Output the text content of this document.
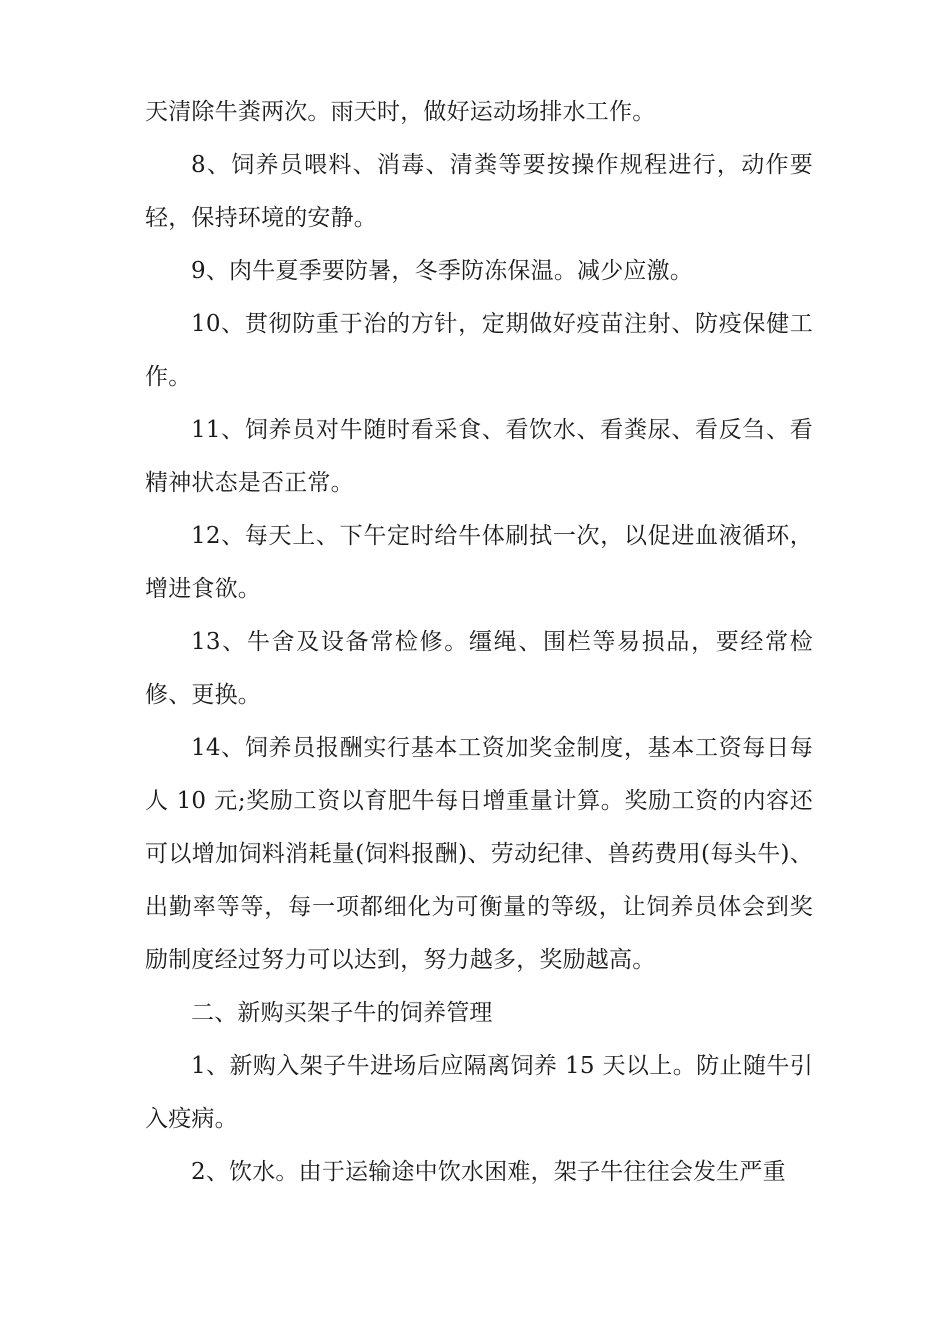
天清除牛粪两次。雨天时，做好运动场排水工作。

8、饲养员喂料、消毒、清粪等要按操作规程进行，动作要轻，保持环境的安静。

9、肉牛夏季要防暑，冬季防冻保温。减少应激。

10、贯彻防重于治的方针，定期做好疫苗注射、防疫保健工作。

11、饲养员对牛随时看采食、看饮水、看粪尿、看反刍、看精神状态是否正常。

12、每天上、下午定时给牛体刷拭一次，以促进血液循环，增进食欲。

13、牛舍及设备常检修。缰绳、围栏等易损品，要经常检修、更换。

14、饲养员报酬实行基本工资加奖金制度，基本工资每日每人 10 元;奖励工资以育肥牛每日增重量计算。奖励工资的内容还可以增加饲料消耗量(饲料报酬)、劳动纪律、兽药费用(每头牛)、出勤率等等，每一项都细化为可衡量的等级，让饲养员体会到奖励制度经过努力可以达到，努力越多，奖励越高。

二、新购买架子牛的饲养管理

1、新购入架子牛进场后应隔离饲养 15 天以上。防止随牛引入疫病。

2、饮水。由于运输途中饮水困难，架子牛往往会发生严重
